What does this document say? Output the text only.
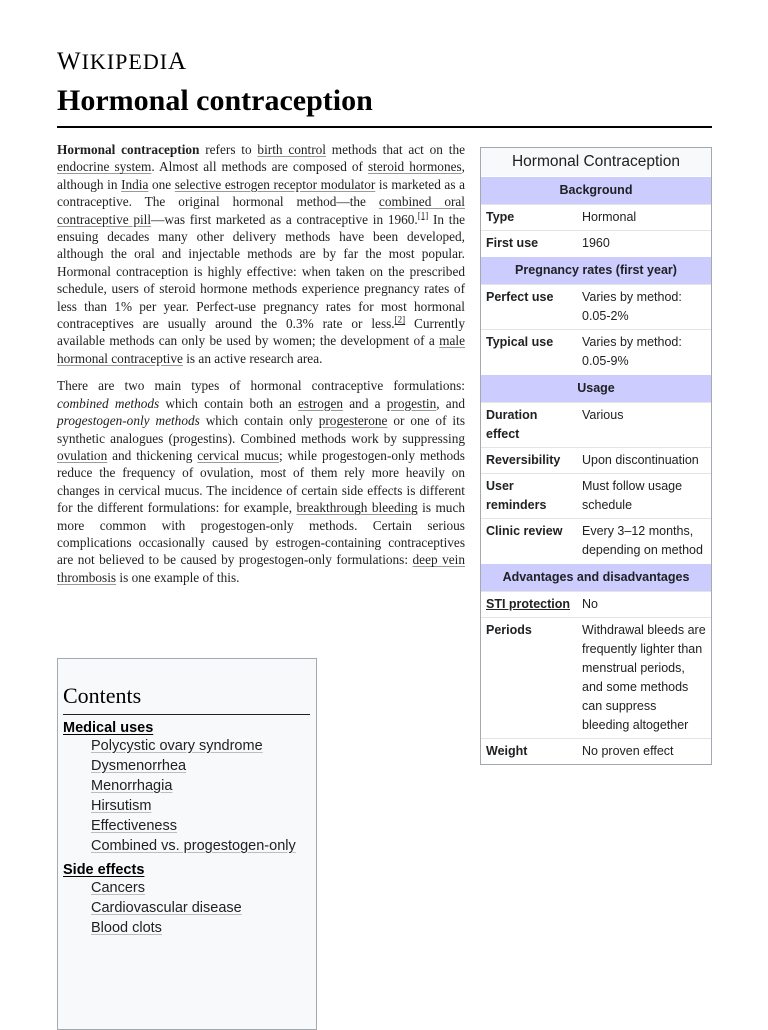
WIKIPEDIA
Hormonal contraception

Hormonal contraception refers to birth control methods that act on the endocrine system. Almost all methods are composed of steroid hormones, although in India one selective estrogen receptor modulator is marketed as a contraceptive. The original hormonal method—the combined oral contraceptive pill—was first marketed as a contraceptive in 1960.[1] In the ensuing decades many other delivery methods have been developed, although the oral and injectable methods are by far the most popular. Hormonal contraception is highly effective: when taken on the prescribed schedule, users of steroid hormone methods experience pregnancy rates of less than 1% per year. Perfect-use pregnancy rates for most hormonal contraceptives are usually around the 0.3% rate or less.[2] Currently available methods can only be used by women; the development of a male hormonal contraceptive is an active research area.

There are two main types of hormonal contraceptive formulations: combined methods which contain both an estrogen and a progestin, and progestogen-only methods which contain only progesterone or one of its synthetic analogues (progestins). Combined methods work by suppressing ovulation and thickening cervical mucus; while progestogen-only methods reduce the frequency of ovulation, most of them rely more heavily on changes in cervical mucus. The incidence of certain side effects is different for the different formulations: for example, breakthrough bleeding is much more common with progestogen-only methods. Certain serious complications occasionally caused by estrogen-containing contraceptives are not believed to be caused by progestogen-only formulations: deep vein thrombosis is one example of this.

Hormonal Contraception	
Background	
Type	Hormonal
First use	1960
Pregnancy rates (first year)	
Perfect use	Varies by method: 0.05-2%
Typical use	Varies by method: 0.05-9%
Usage	
Duration effect	Various
Reversibility	Upon discontinuation
User reminders	Must follow usage schedule
Clinic review	Every 3–12 months, depending on method
Advantages and disadvantages	
STI protection	No
Periods	Withdrawal bleeds are frequently lighter than menstrual periods, and some methods can suppress bleeding altogether
Weight	No proven effect
Contents
Medical uses
Polycystic ovary syndrome
Dysmenorrhea
Menorrhagia
Hirsutism
Effectiveness
Combined vs. progestogen-only
Side effects
Cancers
Cardiovascular disease
Blood clots
